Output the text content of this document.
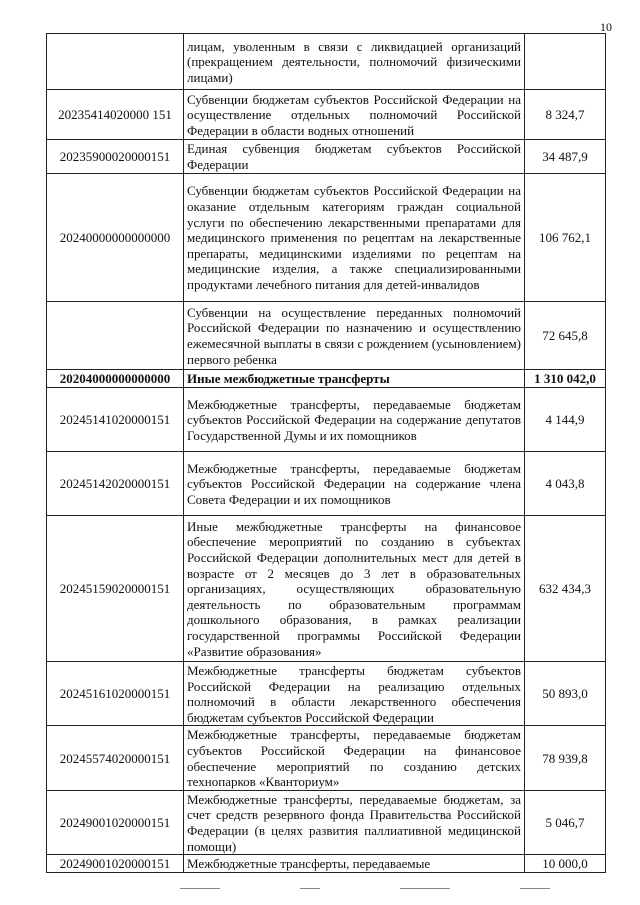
10
	лицам, уволенным в связи с ликвидацией организаций (прекращением деятельности, полномочий физическими лицами)	
20235414020000 151	Субвенции бюджетам субъектов Российской Федерации на осуществление отдельных полномочий Российской Федерации в области водных отношений	8 324,7
20235900020000151	Единая субвенция бюджетам субъектов Российской Федерации	34 487,9
20240000000000000	Субвенции бюджетам субъектов Российской Федерации на оказание отдельным категориям граждан социальной услуги по обеспечению лекарственными препаратами для медицинского применения по рецептам на лекарственные препараты, медицинскими изделиями по рецептам на медицинские изделия, а также специализированными продуктами лечебного питания для детей-инвалидов	106 762,1
	Субвенции на осуществление переданных полномочий Российской Федерации по назначению и осуществлению ежемесячной выплаты в связи с рождением (усыновлением) первого ребенка	72 645,8
20204000000000000	Иные межбюджетные трансферты	1 310 042,0
20245141020000151	Межбюджетные трансферты, передаваемые бюджетам субъектов Российской Федерации на содержание депутатов Государственной Думы и их помощников	4 144,9
20245142020000151	Межбюджетные трансферты, передаваемые бюджетам субъектов Российской Федерации на содержание члена Совета Федерации и их помощников	4 043,8
20245159020000151	Иные межбюджетные трансферты на финансовое обеспечение мероприятий по созданию в субъектах Российской Федерации дополнительных мест для детей в возрасте от 2 месяцев до 3 лет в образовательных организациях, осуществляющих образовательную деятельность по образовательным программам дошкольного образования, в рамках реализации государственной программы Российской Федерации «Развитие образования»	632 434,3
20245161020000151	Межбюджетные трансферты бюджетам субъектов Российской Федерации на реализацию отдельных полномочий в области лекарственного обеспечения бюджетам субъектов Российской Федерации	50 893,0
20245574020000151	Межбюджетные трансферты, передаваемые бюджетам субъектов Российской Федерации на финансовое обеспечение мероприятий по созданию детских технопарков «Кванториум»	78 939,8
20249001020000151	Межбюджетные трансферты, передаваемые бюджетам, за счет средств резервного фонда Правительства Российской Федерации (в целях развития паллиативной медицинской помощи)	5 046,7
20249001020000151	Межбюджетные трансферты, передаваемые	10 000,0
